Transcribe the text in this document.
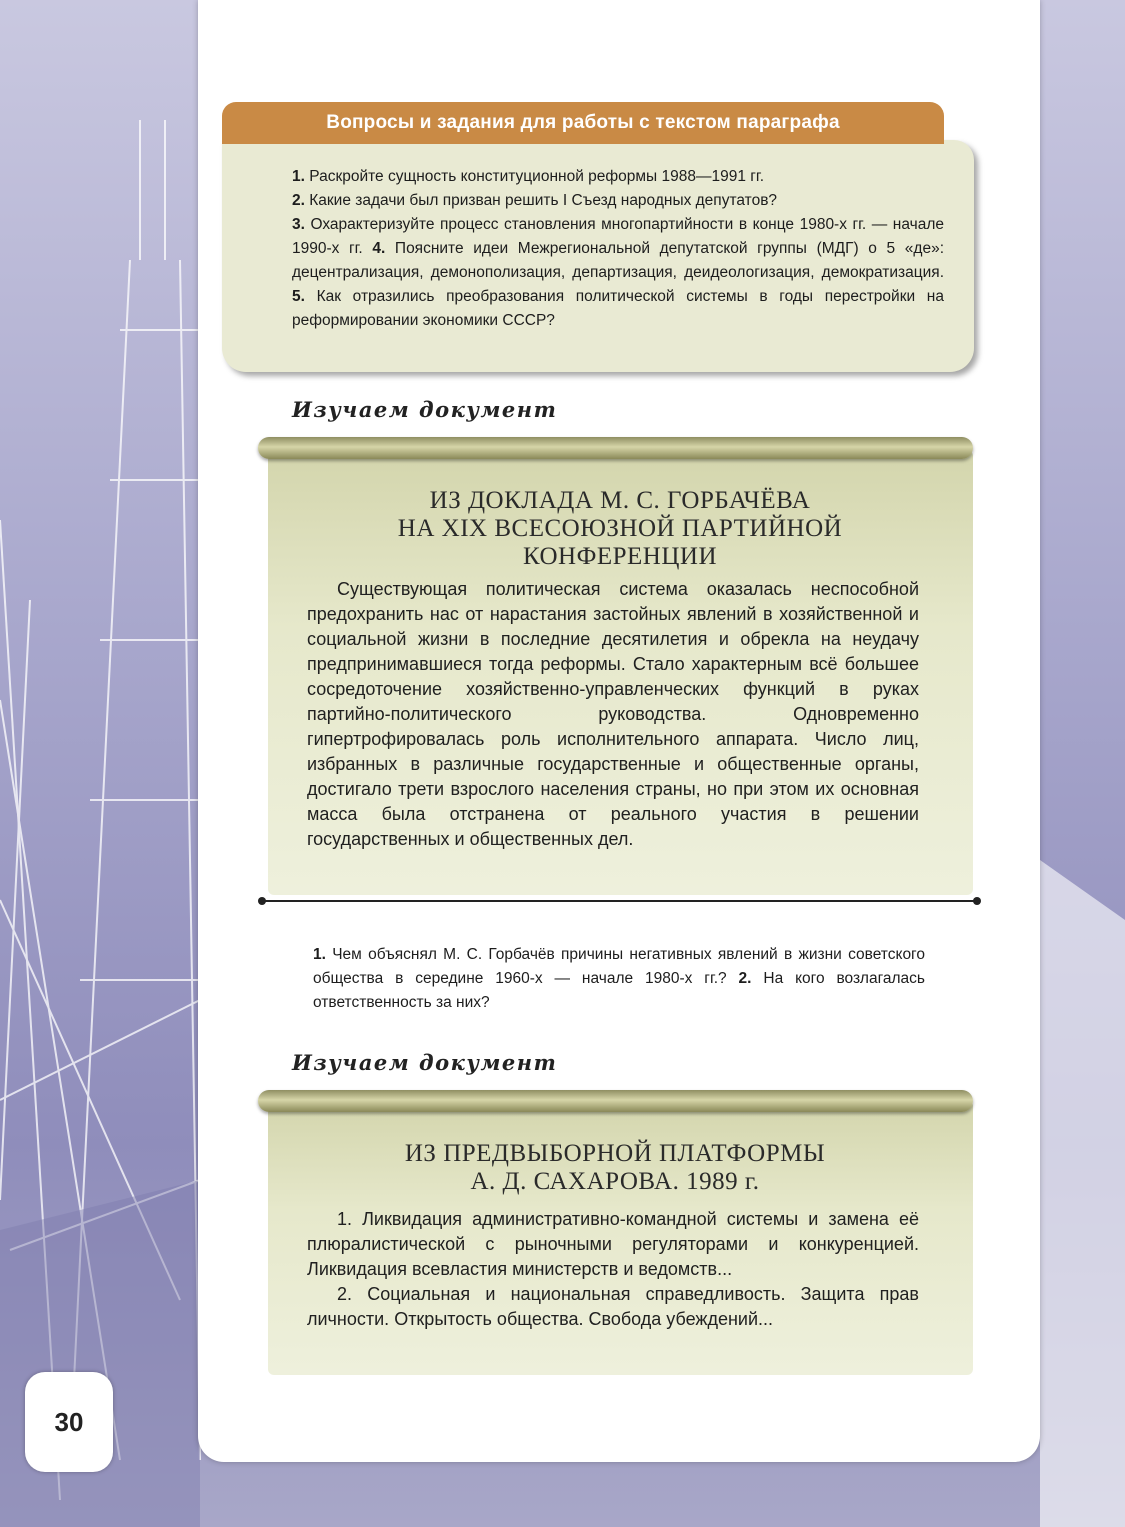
Вопросы и задания для работы с текстом параграфа
1. Раскройте сущность конституционной реформы 1988—1991 гг.
2. Какие задачи был призван решить I Съезд народных депутатов?
3. Охарактеризуйте процесс становления многопартийности в конце 1980-х гг. — начале 1990-х гг. 4. Поясните идеи Межрегиональной депутатской группы (МДГ) о 5 «де»: децентрализация, демонополизация, департизация, деидеологизация, демократизация. 5. Как отразились преобразования политической системы в годы перестройки на реформировании экономики СССР?
Изучаем документ
ИЗ ДОКЛАДА М. С. ГОРБАЧЁВА
НА XIX ВСЕСОЮЗНОЙ ПАРТИЙНОЙ
КОНФЕРЕНЦИИ

Существующая политическая система оказалась неспособной предохранить нас от нарастания застойных явлений в хозяйственной и социальной жизни в последние десятилетия и обрекла на неудачу предпринимавшиеся тогда реформы. Стало характерным всё большее сосредоточение хозяйственно-управленческих функций в руках партийно-политического руководства. Одновременно гипертрофировалась роль исполнительного аппарата. Число лиц, избранных в различные государственные и общественные органы, достигало трети взрослого населения страны, но при этом их основная масса была отстранена от реального участия в решении государственных и общественных дел.

1. Чем объяснял М. С. Горбачёв причины негативных явлений в жизни советского общества в середине 1960-х — начале 1980-х гг.? 2. На кого возлагалась ответственность за них?
Изучаем документ
ИЗ ПРЕДВЫБОРНОЙ ПЛАТФОРМЫ
А. Д. САХАРОВА. 1989 г.

1. Ликвидация административно-командной системы и замена её плюралистической с рыночными регуляторами и конкуренцией. Ликвидация всевластия министерств и ведомств...

2. Социальная и национальная справедливость. Защита прав личности. Открытость общества. Свобода убеждений...

30
